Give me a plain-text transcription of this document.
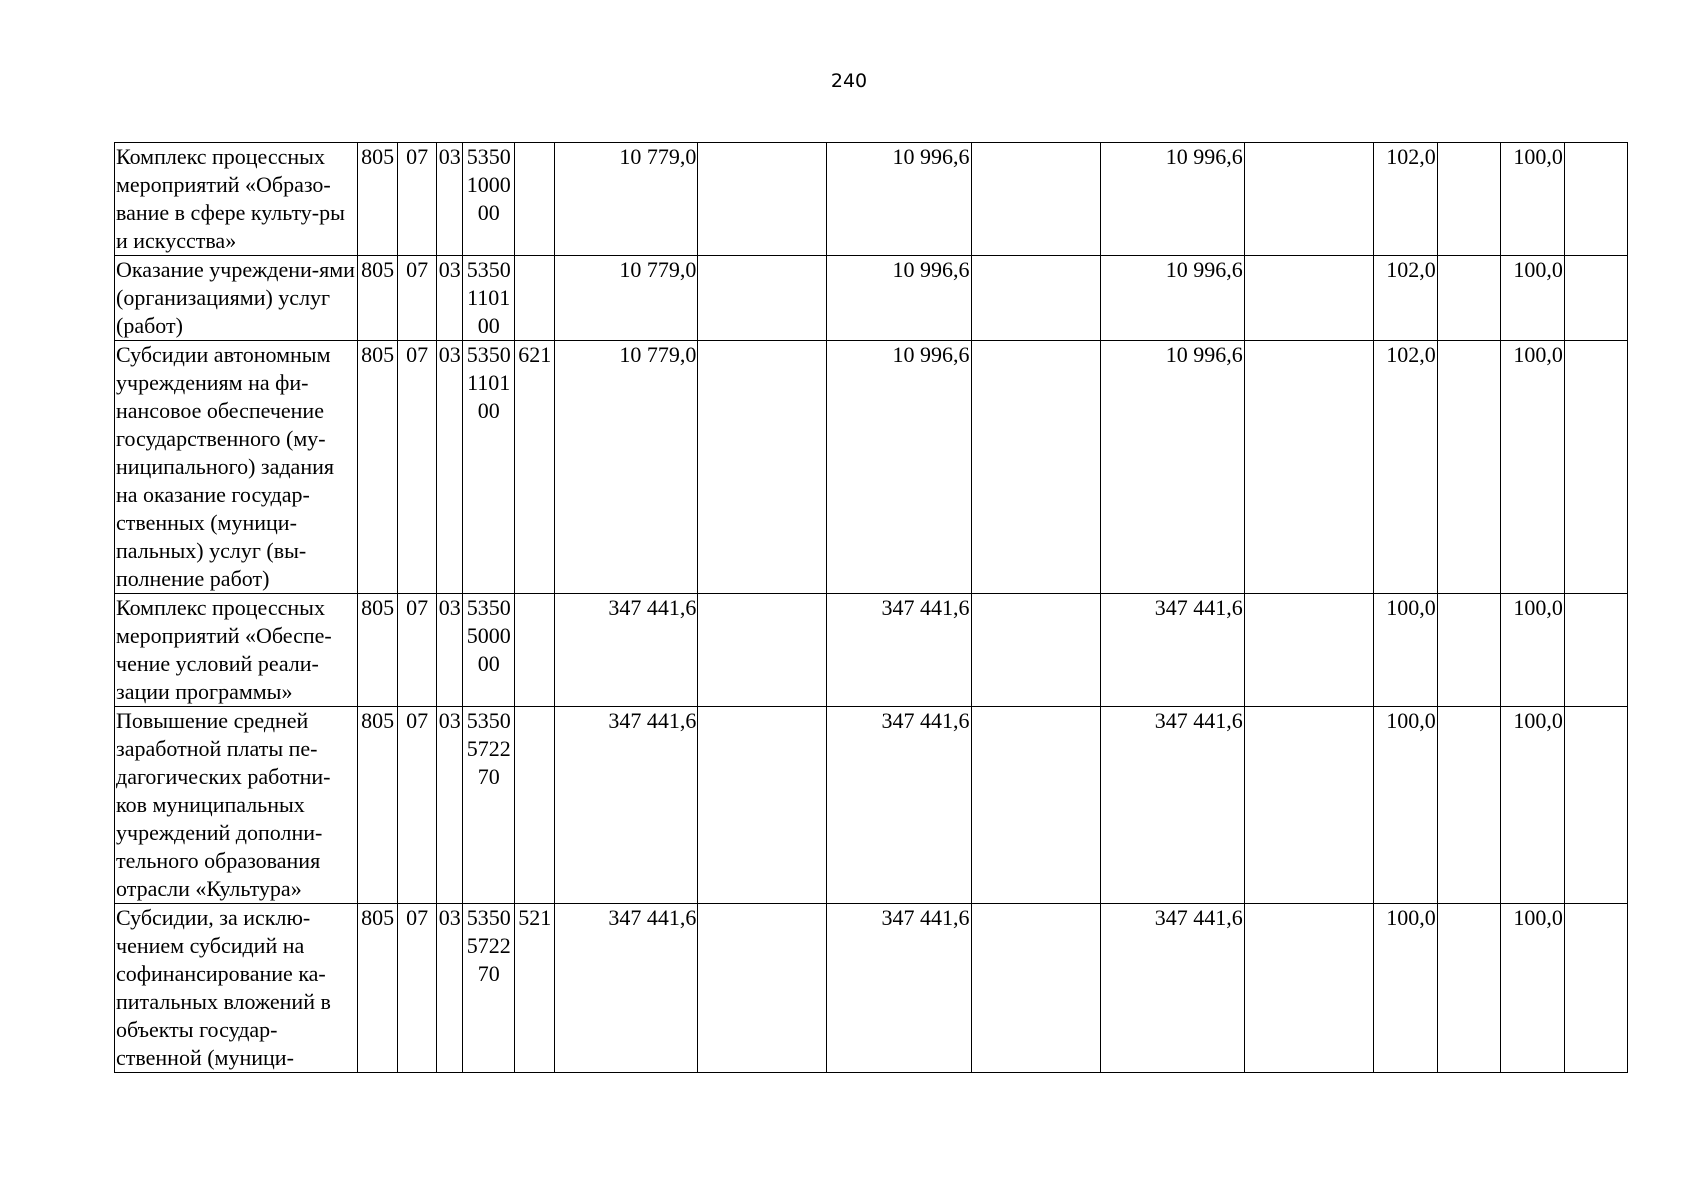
240
Комплекс процессных мероприятий «Образо-вание в сфере культу-ры и искусства»	805	07	03	5350 1000 00		10 779,0		10 996,6		10 996,6		102,0		100,0	
Оказание учреждени-ями (организациями) услуг (работ)	805	07	03	5350 1101 00		10 779,0		10 996,6		10 996,6		102,0		100,0	
Субсидии автономным учреждениям на фи-нансовое обеспечение государственного (му-ниципального) задания на оказание государ-ственных (муници-пальных) услуг (вы-полнение работ)	805	07	03	5350 1101 00	621	10 779,0		10 996,6		10 996,6		102,0		100,0	
Комплекс процессных мероприятий «Обеспе-чение условий реали-зации программы»	805	07	03	5350 5000 00		347 441,6		347 441,6		347 441,6		100,0		100,0	
Повышение средней заработной платы пе-дагогических работни-ков муниципальных учреждений дополни-тельного образования отрасли «Культура»	805	07	03	5350 5722 70		347 441,6		347 441,6		347 441,6		100,0		100,0	
Субсидии, за исклю-чением субсидий на софинансирование ка-питальных вложений в объекты государ-ственной (муници-	805	07	03	5350 5722 70	521	347 441,6		347 441,6		347 441,6		100,0		100,0	
